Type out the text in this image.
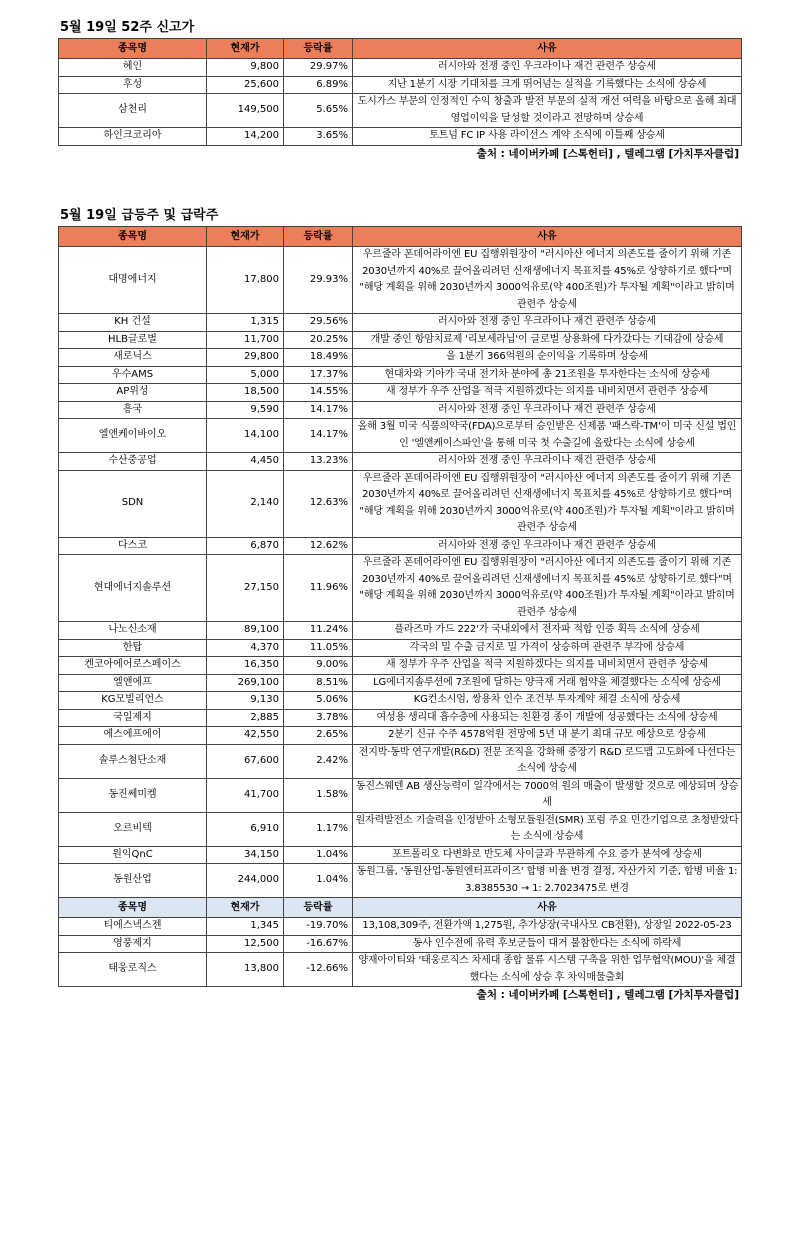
5월 19일 52주 신고가
종목명	현재가	등락률	사유
혜인	9,800	29.97%	러시아와 전쟁 중인 우크라이나 재건 관련주 상승세
후성	25,600	6.89%	지난 1분기 시장 기대치를 크게 뛰어넘는 실적을 기록했다는 소식에 상승세
삼천리	149,500	5.65%	도시가스 부문의 인정적인 수익 창출과 발전 부문의 실적 개선 여력을 바탕으로 올해 최대 영업이익을 달성할 것이라고 전망하며 상승세
하인크코리아	14,200	3.65%	토트넘 FC IP 사용 라이선스 계약 소식에 이틀째 상승세
출처 : 네이버카페 [스톡헌터] , 텔레그램 [가치투자클럽]
5월 19일 급등주 및 급락주
종목명	현재가	등락률	사유
대명에너지	17,800	29.93%	우르줄라 폰데어라이엔 EU 집행위원장이 "러시아산 에너지 의존도를 줄이기 위해 기존 2030년까지 40%로 끌어올리려던 신재생에너지 목표치를 45%로 상향하기로 했다"며 "해당 계획을 위해 2030년까지 3000억유로(약 400조원)가 투자될 계획"이라고 밝히며 관련주 상승세
KH 건설	1,315	29.56%	러시아와 전쟁 중인 우크라이나 재건 관련주 상승세
HLB글로벌	11,700	20.25%	개발 중인 항암치료제 '리보세라닙'이 글로벌 상용화에 다가갔다는 기대감에 상승세
새로닉스	29,800	18.49%	올 1분기 366억원의 순이익을 기록하며 상승세
우수AMS	5,000	17.37%	현대차와 기아가 국내 전기차 분야에 총 21조원을 투자한다는 소식에 상승세
AP위성	18,500	14.55%	새 정부가 우주 산업을 적극 지원하겠다는 의지를 내비치면서 관련주 상승세
흥국	9,590	14.17%	러시아와 전쟁 중인 우크라이나 재건 관련주 상승세
엘앤케이바이오	14,100	14.17%	올해 3월 미국 식품의약국(FDA)으로부터 승인받은 신제품 '패스락-TM'이 미국 신설 법인인 '엘앤케이스파인'을 통해 미국 첫 수출길에 올랐다는 소식에 상승세
수산중공업	4,450	13.23%	러시아와 전쟁 중인 우크라이나 재건 관련주 상승세
SDN	2,140	12.63%	우르줄라 폰데어라이엔 EU 집행위원장이 "러시아산 에너지 의존도를 줄이기 위해 기존 2030년까지 40%로 끌어올리려던 신재생에너지 목표치를 45%로 상향하기로 했다"며 "해당 계획을 위해 2030년까지 3000억유로(약 400조원)가 투자될 계획"이라고 밝히며 관련주 상승세
다스코	6,870	12.62%	러시아와 전쟁 중인 우크라이나 재건 관련주 상승세
현대에너지솔루션	27,150	11.96%	우르줄라 폰데어라이엔 EU 집행위원장이 "러시아산 에너지 의존도를 줄이기 위해 기존 2030년까지 40%로 끌어올리려던 신재생에너지 목표치를 45%로 상향하기로 했다"며 "해당 계획을 위해 2030년까지 3000억유로(약 400조원)가 투자될 계획"이라고 밝히며 관련주 상승세
나노신소재	89,100	11.24%	플라즈마 가드 222'가 국내외에서 전자파 적합 인증 획득 소식에 상승세
한탑	4,370	11.05%	각국의 밀 수출 금지로 밀 가격이 상승하며 관련주 부각에 상승세
켄코아에어로스페이스	16,350	9.00%	새 정부가 우주 산업을 적극 지원하겠다는 의지를 내비치면서 관련주 상승세
엘앤에프	269,100	8.51%	LG에너지솔루션에 7조원에 달하는 양극재 거래 협약을 체결했다는 소식에 상승세
KG모빌리언스	9,130	5.06%	KG컨소시엄, 쌍용차 인수 조건부 투자계약 체결 소식에 상승세
국일제지	2,885	3.78%	여성용 생리대 흡수층에 사용되는 친환경 종이 개발에 성공했다는 소식에 상승세
에스에프에이	42,550	2.65%	2분기 신규 수주 4578억원 전망에 5년 내 분기 최대 규모 예상으로 상승세
솔루스첨단소재	67,600	2.42%	전지박·동박 연구개발(R&D) 전문 조직을 강화해 중장기 R&D 로드맵 고도화에 나선다는 소식에 상승세
동진쎄미켐	41,700	1.58%	동진스웨덴 AB 생산능력이 일각에서는 7000억 원의 매출이 발생할 것으로 예상되며 상승세
오르비텍	6,910	1.17%	원자력발전소 기술력을 인정받아 소형모듈원전(SMR) 포럼 주요 민간기업으로 초청받았다는 소식에 상승세
원익QnC	34,150	1.04%	포트폴리오 다변화로 반도체 사이클과 무관하게 수요 증가 분석에 상승세
동원산업	244,000	1.04%	동원그룹, '동원산업-동원엔터프라이즈' 합병 비율 변경 결정, 자산가치 기준, 합병 비율 1: 3.8385530 → 1: 2.7023475로 변경
종목명	현재가	등락률	사유
티에스넥스젠	1,345	-19.70%	13,108,309주, 전환가액 1,275원, 추가상장(국내사모 CB전환), 상장일 2022-05-23
영풍제지	12,500	-16.67%	동사 인수전에 유력 후보군들이 대거 불참한다는 소식에 하락세
태웅로직스	13,800	-12.66%	양재아이티와 '태웅로직스 차세대 종합 물류 시스템 구축을 위한 업무협약(MOU)'을 체결했다는 소식에 상승 후 차익매물출회
출처 : 네이버카페 [스톡헌터] , 텔레그램 [가치투자클럽]
